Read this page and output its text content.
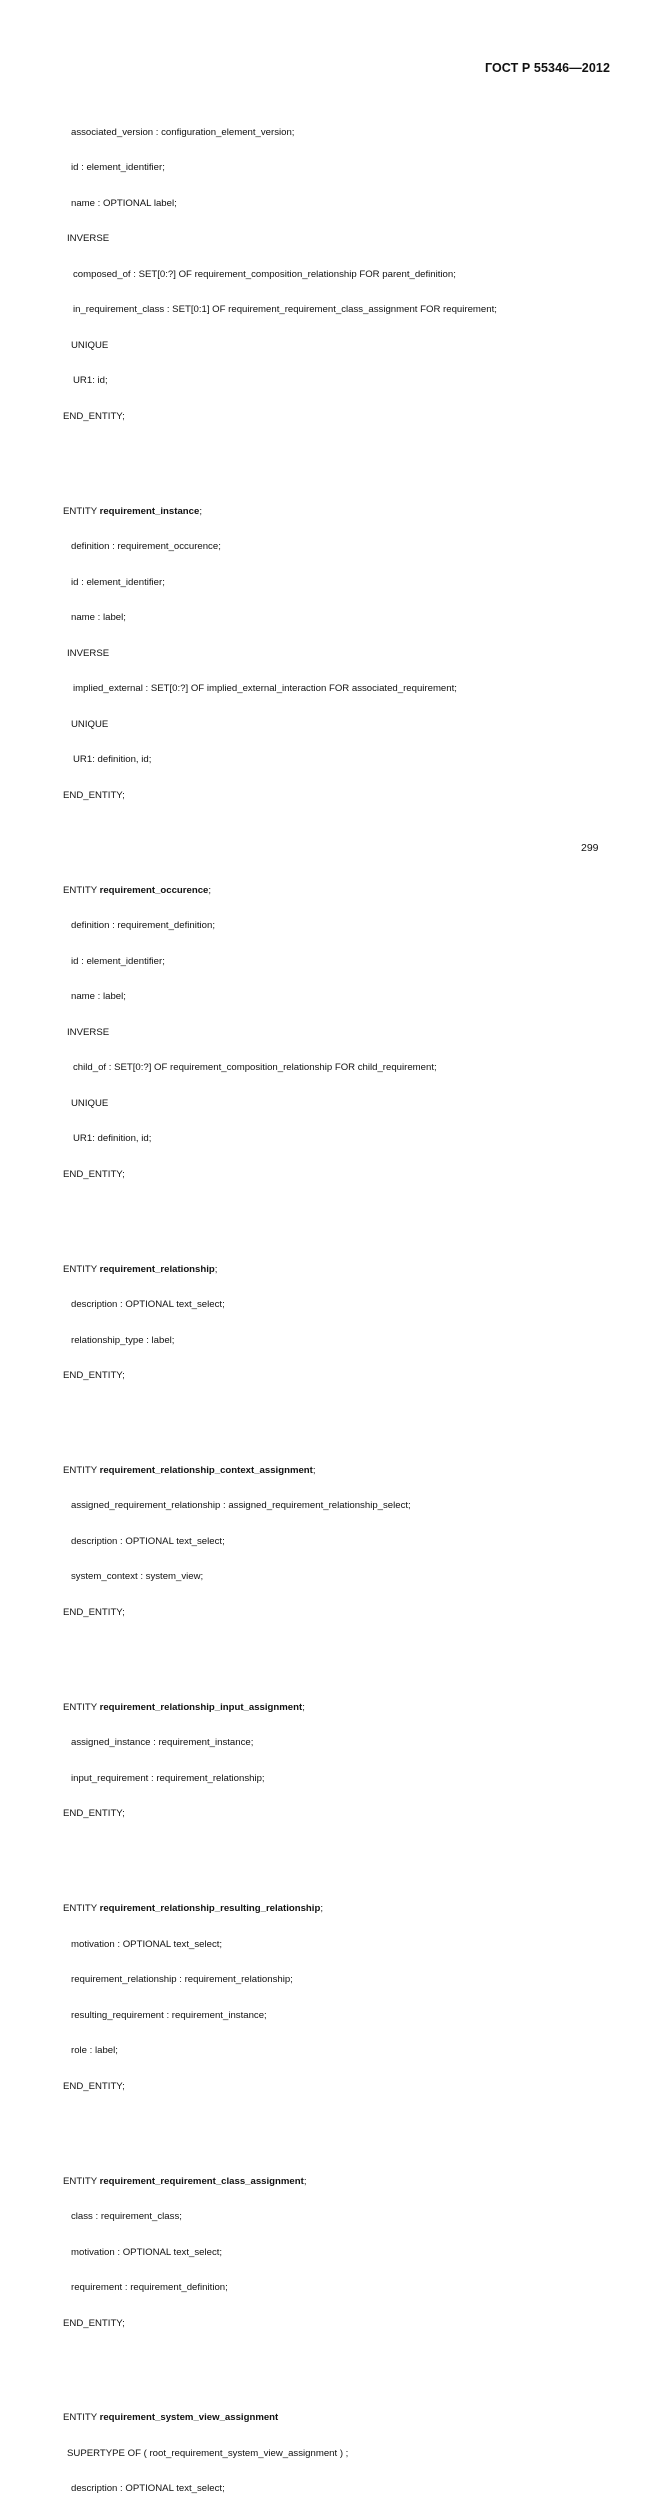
ГОСТ Р 55346—2012

associated_version : configuration_element_version;

id : element_identifier;

name : OPTIONAL label;

INVERSE

composed_of : SET[0:?] OF requirement_composition_relationship FOR parent_definition;

in_requirement_class : SET[0:1] OF requirement_requirement_class_assignment FOR requirement;

UNIQUE

UR1: id;

END_ENTITY;

ENTITY requirement_instance;

definition : requirement_occurence;

id : element_identifier;

name : label;

INVERSE

implied_external : SET[0:?] OF implied_external_interaction FOR associated_requirement;

UNIQUE

UR1: definition, id;

END_ENTITY;

ENTITY requirement_occurence;

definition : requirement_definition;

id : element_identifier;

name : label;

INVERSE

child_of : SET[0:?] OF requirement_composition_relationship FOR child_requirement;

UNIQUE

UR1: definition, id;

END_ENTITY;

ENTITY requirement_relationship;

description : OPTIONAL text_select;

relationship_type : label;

END_ENTITY;

ENTITY requirement_relationship_context_assignment;

assigned_requirement_relationship : assigned_requirement_relationship_select;

description : OPTIONAL text_select;

system_context : system_view;

END_ENTITY;

ENTITY requirement_relationship_input_assignment;

assigned_instance : requirement_instance;

input_requirement : requirement_relationship;

END_ENTITY;

ENTITY requirement_relationship_resulting_relationship;

motivation : OPTIONAL text_select;

requirement_relationship : requirement_relationship;

resulting_requirement : requirement_instance;

role : label;

END_ENTITY;

ENTITY requirement_requirement_class_assignment;

class : requirement_class;

motivation : OPTIONAL text_select;

requirement : requirement_definition;

END_ENTITY;

ENTITY requirement_system_view_assignment

SUPERTYPE OF ( root_requirement_system_view_assignment ) ;

description : OPTIONAL text_select;

299
